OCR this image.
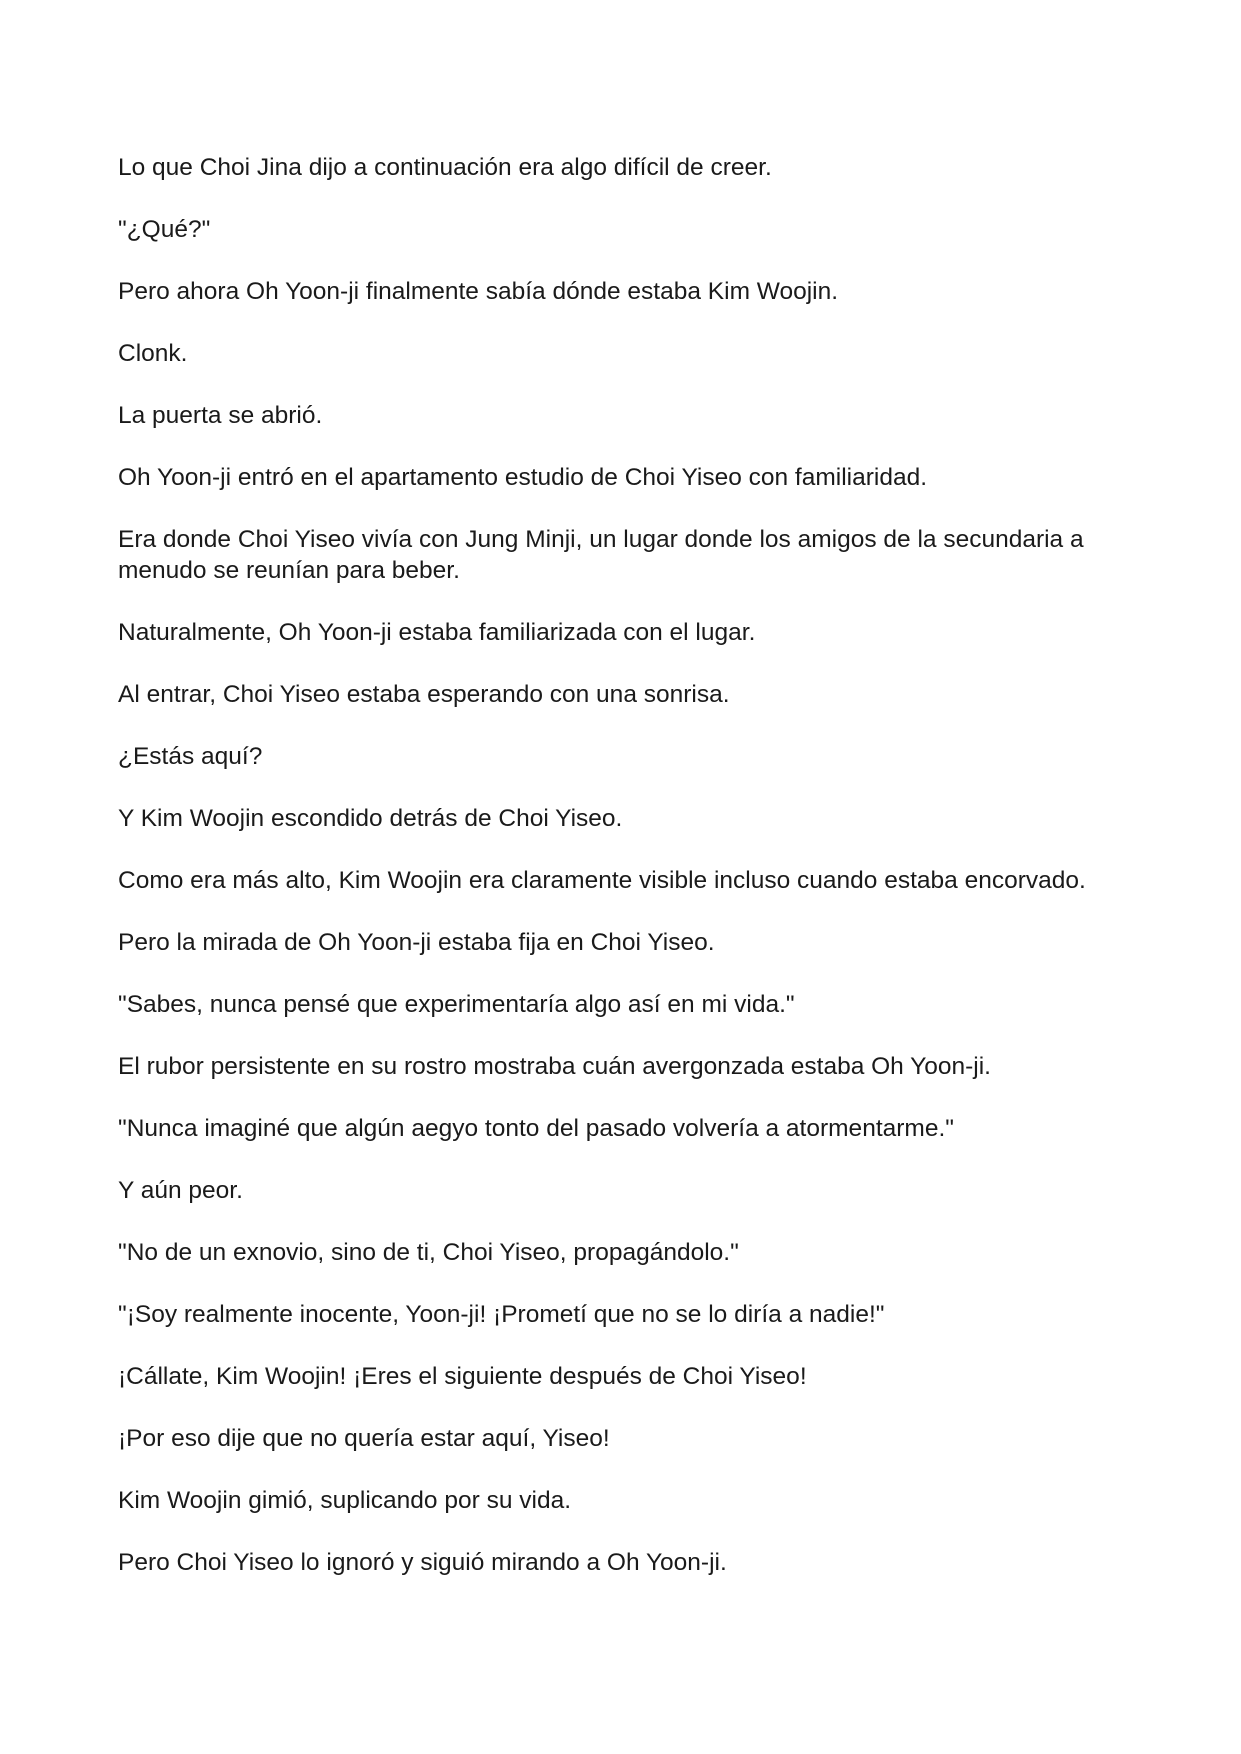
Lo que Choi Jina dijo a continuación era algo difícil de creer.

"¿Qué?"

Pero ahora Oh Yoon-ji finalmente sabía dónde estaba Kim Woojin.

Clonk.

La puerta se abrió.

Oh Yoon-ji entró en el apartamento estudio de Choi Yiseo con familiaridad.

Era donde Choi Yiseo vivía con Jung Minji, un lugar donde los amigos de la secundaria a menudo se reunían para beber.

Naturalmente, Oh Yoon-ji estaba familiarizada con el lugar.

Al entrar, Choi Yiseo estaba esperando con una sonrisa.

¿Estás aquí?

Y Kim Woojin escondido detrás de Choi Yiseo.

Como era más alto, Kim Woojin era claramente visible incluso cuando estaba encorvado.

Pero la mirada de Oh Yoon-ji estaba fija en Choi Yiseo.

"Sabes, nunca pensé que experimentaría algo así en mi vida."

El rubor persistente en su rostro mostraba cuán avergonzada estaba Oh Yoon-ji.

"Nunca imaginé que algún aegyo tonto del pasado volvería a atormentarme."

Y aún peor.

"No de un exnovio, sino de ti, Choi Yiseo, propagándolo."

"¡Soy realmente inocente, Yoon-ji! ¡Prometí que no se lo diría a nadie!"

¡Cállate, Kim Woojin! ¡Eres el siguiente después de Choi Yiseo!

¡Por eso dije que no quería estar aquí, Yiseo!

Kim Woojin gimió, suplicando por su vida.

Pero Choi Yiseo lo ignoró y siguió mirando a Oh Yoon-ji.
